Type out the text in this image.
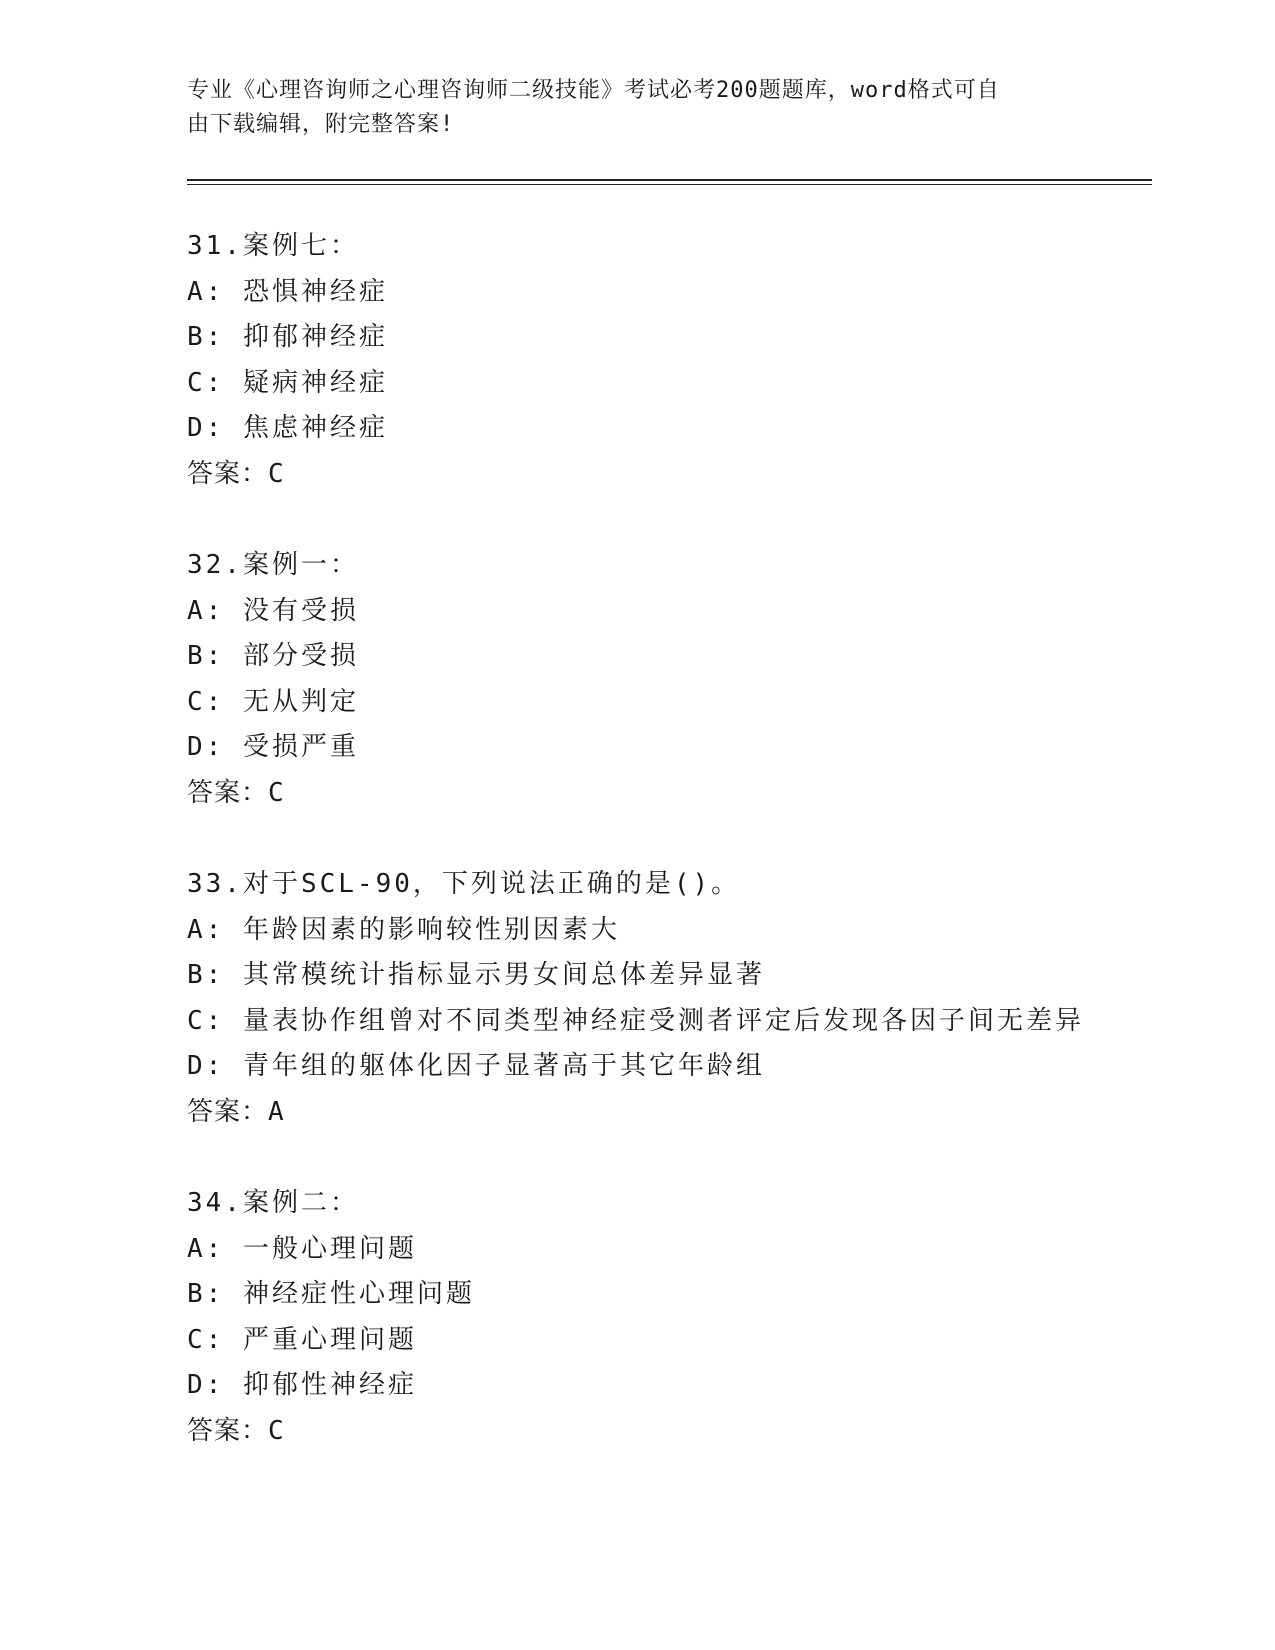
专业《心理咨询师之心理咨询师二级技能》考试必考200题题库，word格式可自
由下载编辑，附完整答案!
31.案例七：
A: 恐惧神经症
B: 抑郁神经症
C: 疑病神经症
D: 焦虑神经症
答案：C
32.案例一：
A: 没有受损
B: 部分受损
C: 无从判定
D: 受损严重
答案：C
33.对于SCL-90，下列说法正确的是()。
A: 年龄因素的影响较性别因素大
B: 其常模统计指标显示男女间总体差异显著
C: 量表协作组曾对不同类型神经症受测者评定后发现各因子间无差异
D: 青年组的躯体化因子显著高于其它年龄组
答案：A
34.案例二：
A: 一般心理问题
B: 神经症性心理问题
C: 严重心理问题
D: 抑郁性神经症
答案：C
